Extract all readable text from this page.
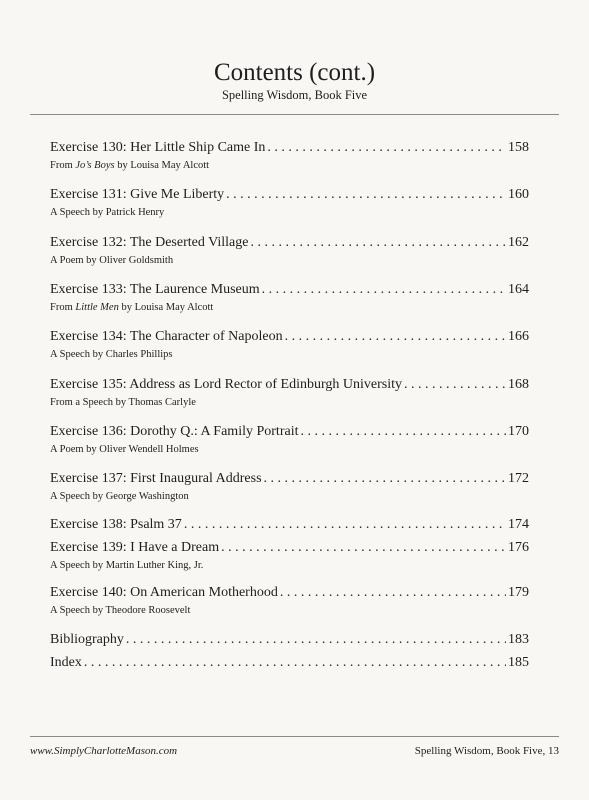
Contents (cont.)
Spelling Wisdom, Book Five
Exercise 130: Her Little Ship Came In . . .	158
From Jo’s Boys by Louisa May Alcott
Exercise 131: Give Me Liberty . . .	160
A Speech by Patrick Henry
Exercise 132: The Deserted Village . . .	162
A Poem by Oliver Goldsmith
Exercise 133: The Laurence Museum . . .	164
From Little Men by Louisa May Alcott
Exercise 134: The Character of Napoleon . . .	166
A Speech by Charles Phillips
Exercise 135: Address as Lord Rector of Edinburgh University . . .	168
From a Speech by Thomas Carlyle
Exercise 136: Dorothy Q.: A Family Portrait . . .	170
A Poem by Oliver Wendell Holmes
Exercise 137: First Inaugural Address . . .	172
A Speech by George Washington
Exercise 138: Psalm 37 . . .	174
Exercise 139: I Have a Dream . . .	176
A Speech by Martin Luther King, Jr.
Exercise 140: On American Motherhood . . .	179
A Speech by Theodore Roosevelt
Bibliography . . .	183
Index . . .	185
www.SimplyCharlotteMason.com	Spelling Wisdom, Book Five, 13
